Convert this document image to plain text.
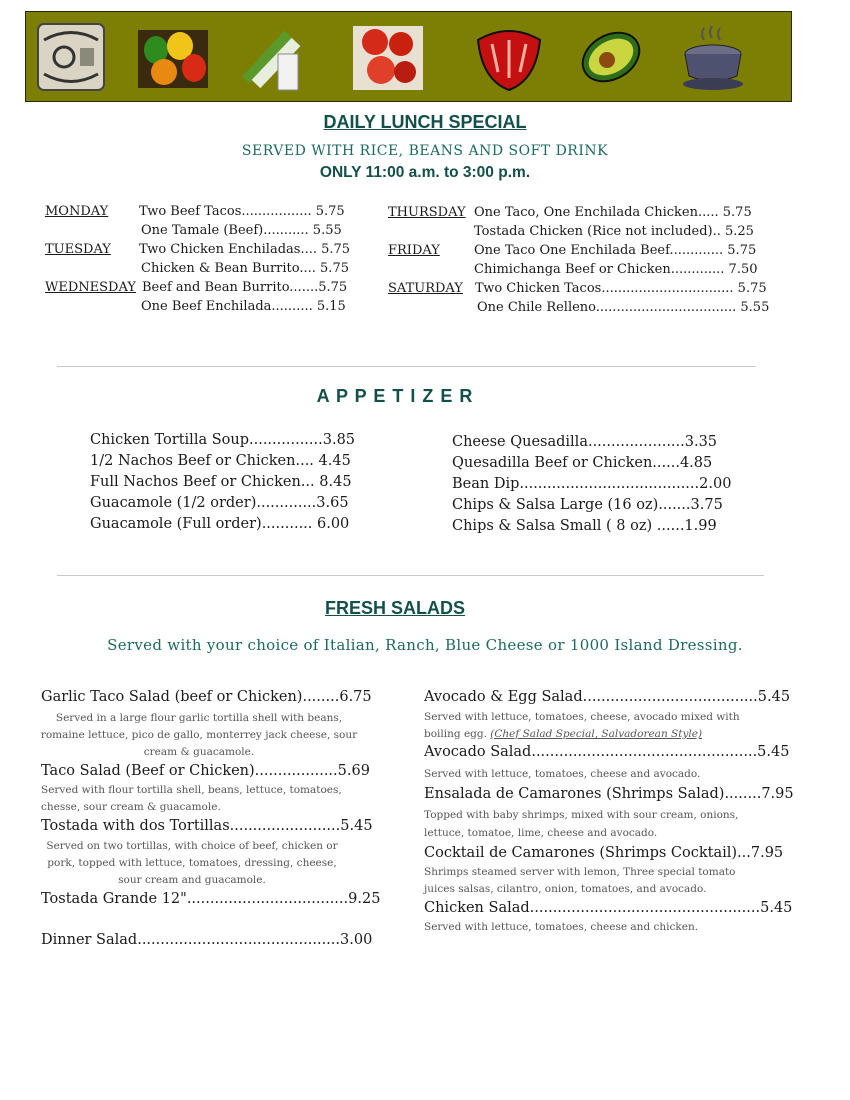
DAILY LUNCH SPECIAL
SERVED WITH RICE, BEANS AND SOFT DRINK
ONLY 11:00 a.m. to 3:00 p.m.
MONDAY Two Beef Tacos................. 5.75
One Tamale (Beef)........... 5.55
TUESDAY Two Chicken Enchiladas.... 5.75
Chicken & Bean Burrito.... 5.75
WEDNESDAY Beef and Bean Burrito.......5.75
One Beef Enchilada.......... 5.15
THURSDAY One Taco, One Enchilada Chicken..... 5.75
Tostada Chicken (Rice not included).. 5.25
FRIDAY	One Taco One Enchilada Beef............. 5.75
Chimichanga Beef or Chicken............. 7.50
SATURDAY Two Chicken Tacos................................ 5.75
One Chile Relleno.................................. 5.55
A P P E T I Z E R
Chicken Tortilla Soup................3.85
1/2 Nachos Beef or Chicken.... 4.45
Full Nachos Beef or Chicken... 8.45
Guacamole (1/2 order).............3.65
Guacamole (Full order)........... 6.00
Cheese Quesadilla.....................3.35
Quesadilla Beef or Chicken......4.85
Bean Dip.......................................2.00
Chips & Salsa Large (16 oz).......3.75
Chips & Salsa Small ( 8 oz) ......1.99
FRESH SALADS
Served with your choice of Italian, Ranch, Blue Cheese or 1000 Island Dressing.
Garlic Taco Salad (beef or Chicken)........6.75
Served in a large flour garlic tortilla shell with beans, romaine lettuce, pico de gallo, monterrey jack cheese, sour cream & guacamole.
Taco Salad (Beef or Chicken)..................5.69
Served with flour tortilla shell, beans, lettuce, tomatoes, chesse, sour cream & guacamole.
Tostada with dos Tortillas........................5.45
Served on two tortillas, with choice of beef, chicken or pork, topped with lettuce, tomatoes, dressing, cheese, sour cream and guacamole.
Tostada Grande 12"...................................9.25
Dinner Salad............................................3.00
Avocado & Egg Salad......................................5.45
Served with lettuce, tomatoes, cheese, avocado mixed with boiling egg. (Chef Salad Special, Salvadorean Style)
Avocado Salad.................................................5.45
Served with lettuce, tomatoes, cheese and avocado.
Ensalada de Camarones (Shrimps Salad)........7.95
Topped with baby shrimps, mixed with sour cream, onions, lettuce, tomatoe, lime, cheese and avocado.
Cocktail de Camarones (Shrimps Cocktail)...7.95
Shrimps steamed server with lemon, Three special tomato juices salsas, cilantro, onion, tomatoes, and avocado.
Chicken Salad..................................................5.45
Served with lettuce, tomatoes, cheese and chicken.
